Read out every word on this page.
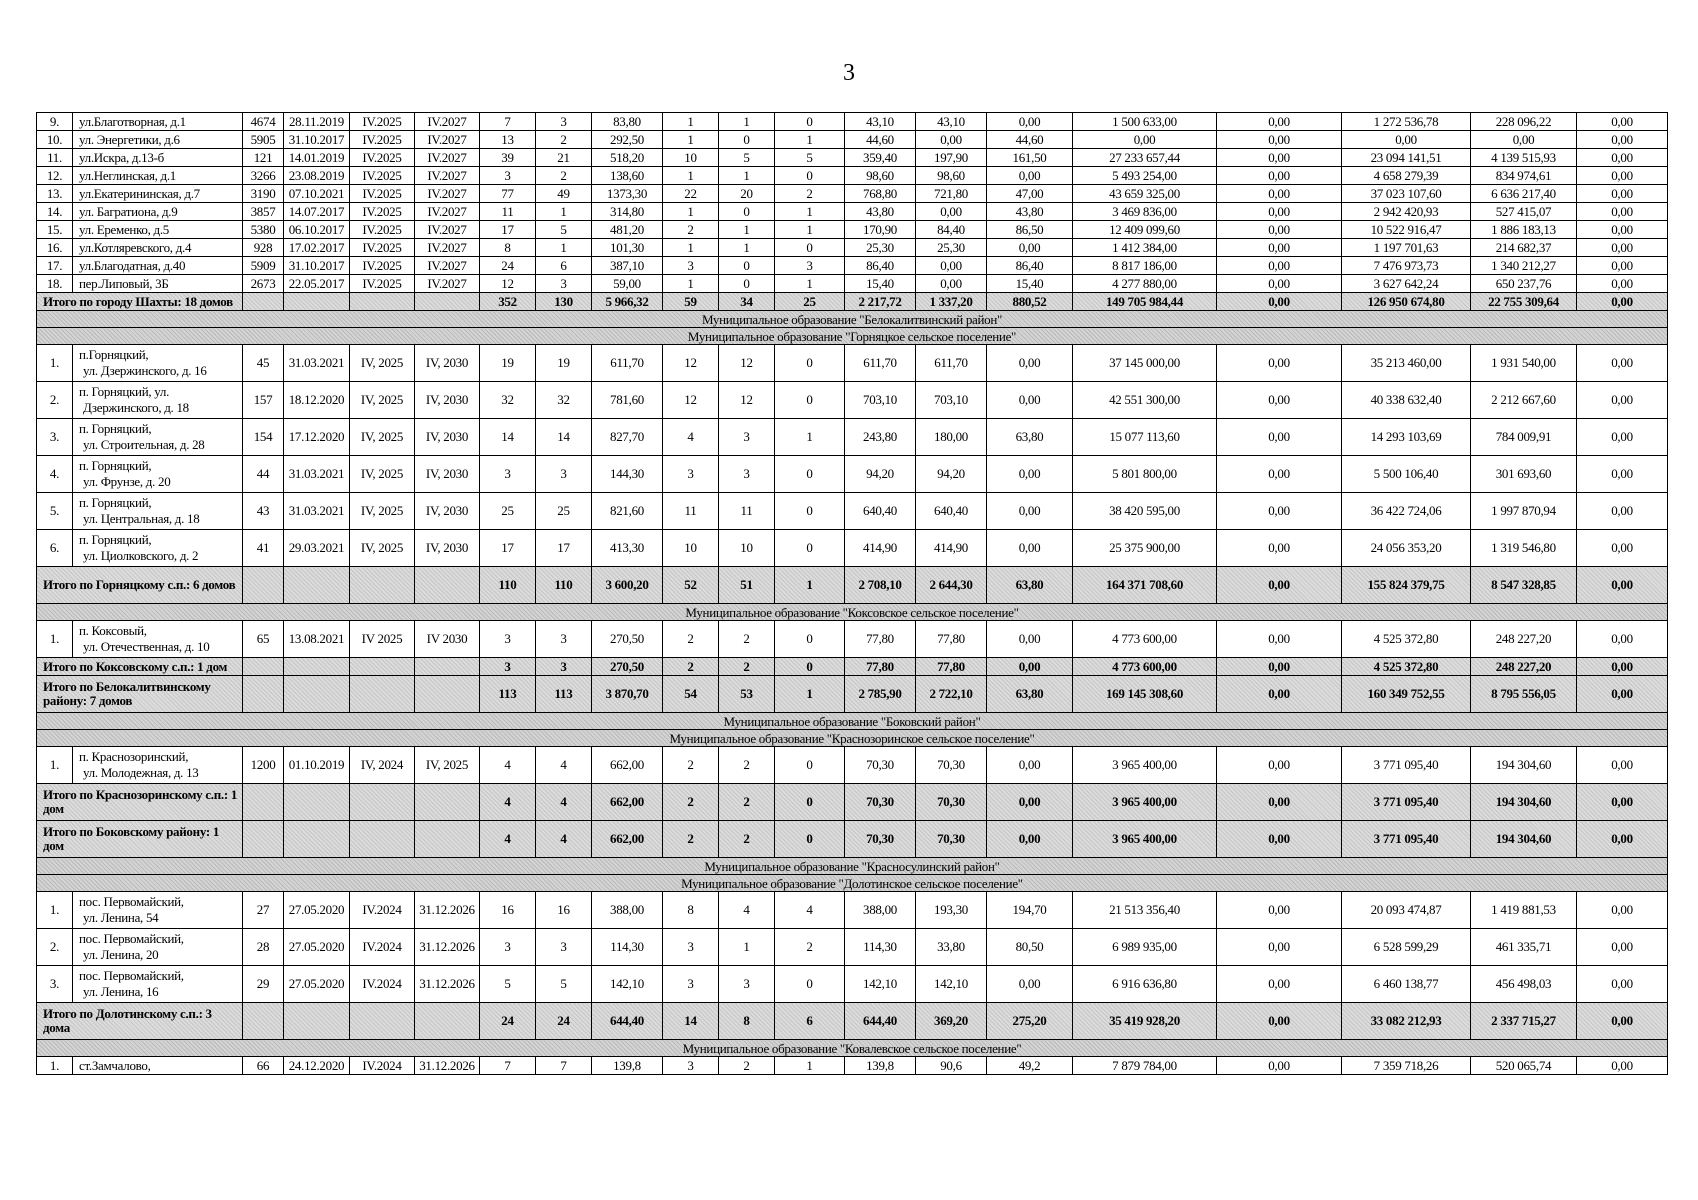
3
9.	ул.Благотворная, д.1	4674	28.11.2019	IV.2025	IV.2027	7	3	83,80	1	1	0	43,10	43,10	0,00	1 500 633,00	0,00	1 272 536,78	228 096,22	0,00
10.	ул. Энергетики, д.6	5905	31.10.2017	IV.2025	IV.2027	13	2	292,50	1	0	1	44,60	0,00	44,60	0,00	0,00	0,00	0,00	0,00
11.	ул.Искра, д.13-б	121	14.01.2019	IV.2025	IV.2027	39	21	518,20	10	5	5	359,40	197,90	161,50	27 233 657,44	0,00	23 094 141,51	4 139 515,93	0,00
12.	ул.Неглинская, д.1	3266	23.08.2019	IV.2025	IV.2027	3	2	138,60	1	1	0	98,60	98,60	0,00	5 493 254,00	0,00	4 658 279,39	834 974,61	0,00
13.	ул.Екатерининская, д.7	3190	07.10.2021	IV.2025	IV.2027	77	49	1373,30	22	20	2	768,80	721,80	47,00	43 659 325,00	0,00	37 023 107,60	6 636 217,40	0,00
14.	ул. Багратиона, д.9	3857	14.07.2017	IV.2025	IV.2027	11	1	314,80	1	0	1	43,80	0,00	43,80	3 469 836,00	0,00	2 942 420,93	527 415,07	0,00
15.	ул. Еременко, д.5	5380	06.10.2017	IV.2025	IV.2027	17	5	481,20	2	1	1	170,90	84,40	86,50	12 409 099,60	0,00	10 522 916,47	1 886 183,13	0,00
16.	ул.Котляревского, д.4	928	17.02.2017	IV.2025	IV.2027	8	1	101,30	1	1	0	25,30	25,30	0,00	1 412 384,00	0,00	1 197 701,63	214 682,37	0,00
17.	ул.Благодатная, д.40	5909	31.10.2017	IV.2025	IV.2027	24	6	387,10	3	0	3	86,40	0,00	86,40	8 817 186,00	0,00	7 476 973,73	1 340 212,27	0,00
18.	пер.Липовый, 3Б	2673	22.05.2017	IV.2025	IV.2027	12	3	59,00	1	0	1	15,40	0,00	15,40	4 277 880,00	0,00	3 627 642,24	650 237,76	0,00
Итого по городу Шахты: 18 домов						352	130	5 966,32	59	34	25	2 217,72	1 337,20	880,52	149 705 984,44	0,00	126 950 674,80	22 755 309,64	0,00
Муниципальное образование "Белокалитвинский район"																			
Муниципальное образование "Горняцкое сельское поселение"																			
1.	п.Горняцкий,
ул. Дзержинского, д. 16	45	31.03.2021	IV, 2025	IV, 2030	19	19	611,70	12	12	0	611,70	611,70	0,00	37 145 000,00	0,00	35 213 460,00	1 931 540,00	0,00
2.	п. Горняцкий, ул.
Дзержинского, д. 18	157	18.12.2020	IV, 2025	IV, 2030	32	32	781,60	12	12	0	703,10	703,10	0,00	42 551 300,00	0,00	40 338 632,40	2 212 667,60	0,00
3.	п. Горняцкий,
ул. Строительная, д. 28	154	17.12.2020	IV, 2025	IV, 2030	14	14	827,70	4	3	1	243,80	180,00	63,80	15 077 113,60	0,00	14 293 103,69	784 009,91	0,00
4.	п. Горняцкий,
ул. Фрунзе, д. 20	44	31.03.2021	IV, 2025	IV, 2030	3	3	144,30	3	3	0	94,20	94,20	0,00	5 801 800,00	0,00	5 500 106,40	301 693,60	0,00
5.	п. Горняцкий,
ул. Центральная, д. 18	43	31.03.2021	IV, 2025	IV, 2030	25	25	821,60	11	11	0	640,40	640,40	0,00	38 420 595,00	0,00	36 422 724,06	1 997 870,94	0,00
6.	п. Горняцкий,
ул. Циолковского, д. 2	41	29.03.2021	IV, 2025	IV, 2030	17	17	413,30	10	10	0	414,90	414,90	0,00	25 375 900,00	0,00	24 056 353,20	1 319 546,80	0,00
Итого по Горняцкому с.п.: 6 домов						110	110	3 600,20	52	51	1	2 708,10	2 644,30	63,80	164 371 708,60	0,00	155 824 379,75	8 547 328,85	0,00
Муниципальное образование "Коксовское сельское поселение"																			
1.	п. Коксовый,
ул. Отечественная, д. 10	65	13.08.2021	IV 2025	IV 2030	3	3	270,50	2	2	0	77,80	77,80	0,00	4 773 600,00	0,00	4 525 372,80	248 227,20	0,00
Итого по Коксовскому с.п.: 1 дом						3	3	270,50	2	2	0	77,80	77,80	0,00	4 773 600,00	0,00	4 525 372,80	248 227,20	0,00
Итого по Белокалитвинскому району: 7 домов						113	113	3 870,70	54	53	1	2 785,90	2 722,10	63,80	169 145 308,60	0,00	160 349 752,55	8 795 556,05	0,00
Муниципальное образование "Боковский район"																			
Муниципальное образование "Краснозоринское сельское поселение"																			
1.	п. Краснозоринский,
ул. Молодежная, д. 13	1200	01.10.2019	IV, 2024	IV, 2025	4	4	662,00	2	2	0	70,30	70,30	0,00	3 965 400,00	0,00	3 771 095,40	194 304,60	0,00
Итого по Краснозоринскому с.п.: 1 дом						4	4	662,00	2	2	0	70,30	70,30	0,00	3 965 400,00	0,00	3 771 095,40	194 304,60	0,00
Итого по Боковскому району: 1 дом						4	4	662,00	2	2	0	70,30	70,30	0,00	3 965 400,00	0,00	3 771 095,40	194 304,60	0,00
Муниципальное образование "Красносулинский район"																			
Муниципальное образование "Долотинское сельское поселение"																			
1.	пос. Первомайский,
ул. Ленина, 54	27	27.05.2020	IV.2024	31.12.2026	16	16	388,00	8	4	4	388,00	193,30	194,70	21 513 356,40	0,00	20 093 474,87	1 419 881,53	0,00
2.	пос. Первомайский,
ул. Ленина, 20	28	27.05.2020	IV.2024	31.12.2026	3	3	114,30	3	1	2	114,30	33,80	80,50	6 989 935,00	0,00	6 528 599,29	461 335,71	0,00
3.	пос. Первомайский,
ул. Ленина, 16	29	27.05.2020	IV.2024	31.12.2026	5	5	142,10	3	3	0	142,10	142,10	0,00	6 916 636,80	0,00	6 460 138,77	456 498,03	0,00
Итого по Долотинскому с.п.: 3 дома						24	24	644,40	14	8	6	644,40	369,20	275,20	35 419 928,20	0,00	33 082 212,93	2 337 715,27	0,00
Муниципальное образование "Ковалевское сельское поселение"																			
1.	ст.Замчалово,	66	24.12.2020	IV.2024	31.12.2026	7	7	139,8	3	2	1	139,8	90,6	49,2	7 879 784,00	0,00	7 359 718,26	520 065,74	0,00
